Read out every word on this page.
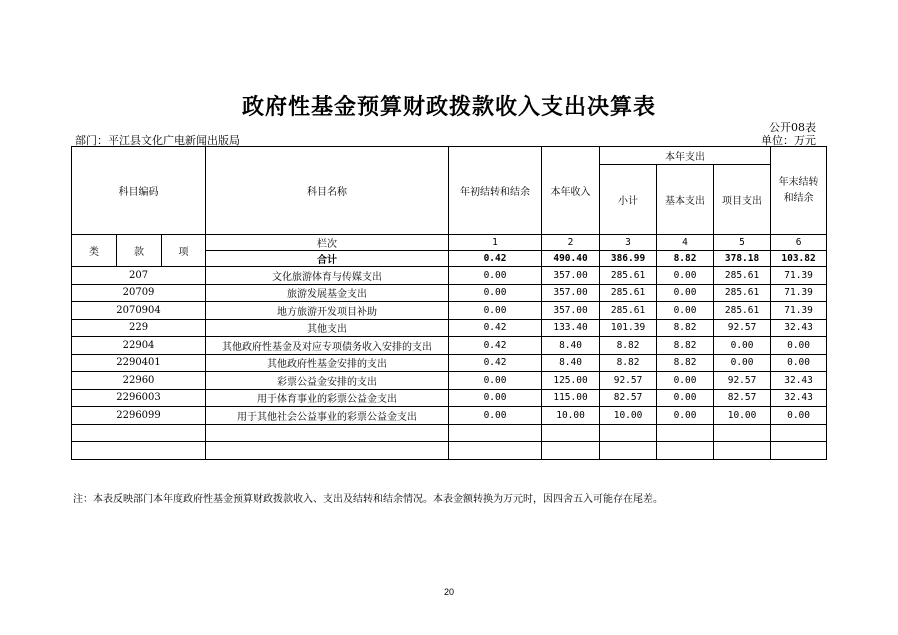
政府性基金预算财政拨款收入支出决算表
公开08表
部门：平江县文化广电新闻出版局	单位：万元
科目编码			科目名称	年初结转和结余	本年收入	本年支出			年末结转和结余
						小计	基本支出	项目支出	
类	款	项	栏次	1	2	3	4	5	6
			合计	0.42	490.40	386.99	8.82	378.18	103.82
207			文化旅游体育与传媒支出	0.00	357.00	285.61	0.00	285.61	71.39
20709			旅游发展基金支出	0.00	357.00	285.61	0.00	285.61	71.39
2070904			地方旅游开发项目补助	0.00	357.00	285.61	0.00	285.61	71.39
229			其他支出	0.42	133.40	101.39	8.82	92.57	32.43
22904			其他政府性基金及对应专项债务收入安排的支出	0.42	8.40	8.82	8.82	0.00	0.00
2290401			其他政府性基金安排的支出	0.42	8.40	8.82	8.82	0.00	0.00
22960			彩票公益金安排的支出	0.00	125.00	92.57	0.00	92.57	32.43
2296003			用于体育事业的彩票公益金支出	0.00	115.00	82.57	0.00	82.57	32.43
2296099			用于其他社会公益事业的彩票公益金支出	0.00	10.00	10.00	0.00	10.00	0.00

注：本表反映部门本年度政府性基金预算财政拨款收入、支出及结转和结余情况。本表金额转换为万元时，因四舍五入可能存在尾差。
20
